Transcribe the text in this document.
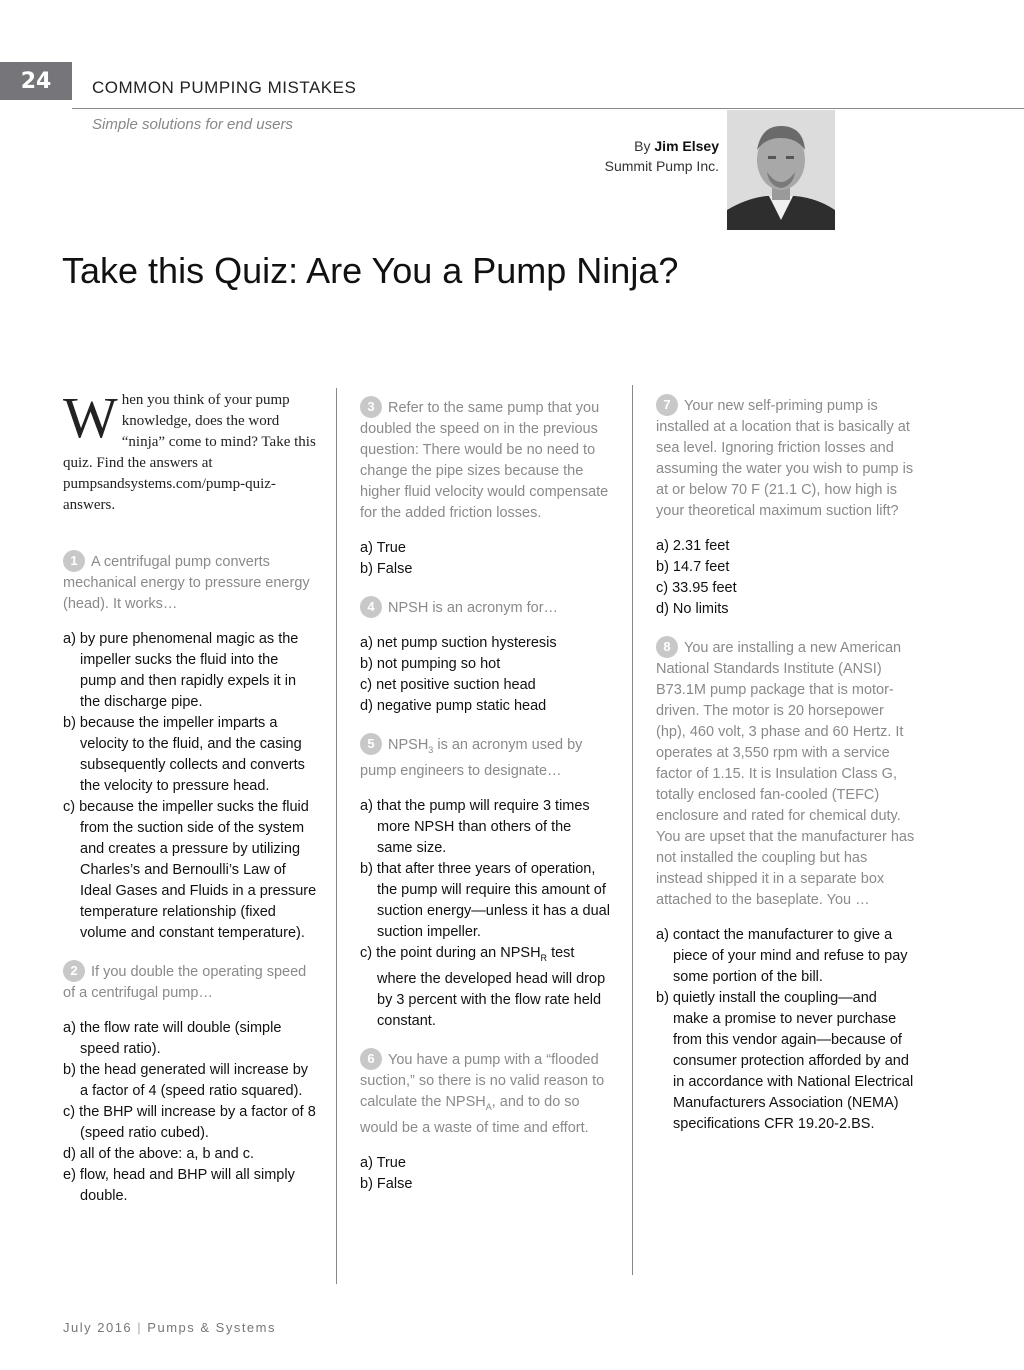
24	COMMON PUMPING MISTAKES
Simple solutions for end users
By Jim Elsey
Summit Pump Inc.
Take this Quiz: Are You a Pump Ninja?

When you think of your pump knowledge, does the word “ninja” come to mind? Take this quiz. Find the answers at pumpsandsystems.com/pump-quiz-answers.

1 A centrifugal pump converts mechanical energy to pressure energy (head). It works…

a) by pure phenomenal magic as the impeller sucks the fluid into the pump and then rapidly expels it in the discharge pipe.
b) because the impeller imparts a velocity to the fluid, and the casing subsequently collects and converts the velocity to pressure head.
c) because the impeller sucks the fluid from the suction side of the system and creates a pressure by utilizing Charles’s and Bernoulli’s Law of Ideal Gases and Fluids in a pressure temperature relationship (fixed volume and constant temperature).

2 If you double the operating speed of a centrifugal pump…

a) the flow rate will double (simple speed ratio).
b) the head generated will increase by a factor of 4 (speed ratio squared).
c) the BHP will increase by a factor of 8 (speed ratio cubed).
d) all of the above: a, b and c.
e) flow, head and BHP will all simply double.

3 Refer to the same pump that you doubled the speed on in the previous question: There would be no need to change the pipe sizes because the higher fluid velocity would compensate for the added friction losses.

a) True
b) False

4 NPSH is an acronym for…

a) net pump suction hysteresis
b) not pumping so hot
c) net positive suction head
d) negative pump static head

5 $NPSH_3$ is an acronym used by pump engineers to designate…

a) that the pump will require 3 times more NPSH than others of the same size.
b) that after three years of operation, the pump will require this amount of suction energy—unless it has a dual suction impeller.
c) the point during an $NPSH_R$ test where the developed head will drop by 3 percent with the flow rate held constant.

6 You have a pump with a “flooded suction,” so there is no valid reason to calculate the $NPSH_A$, and to do so would be a waste of time and effort.

a) True
b) False

7 Your new self-priming pump is installed at a location that is basically at sea level. Ignoring friction losses and assuming the water you wish to pump is at or below 70 F (21.1 C), how high is your theoretical maximum suction lift?

a) 2.31 feet
b) 14.7 feet
c) 33.95 feet
d) No limits

8 You are installing a new American National Standards Institute (ANSI) B73.1M pump package that is motor-driven. The motor is 20 horsepower (hp), 460 volt, 3 phase and 60 Hertz. It operates at 3,550 rpm with a service factor of 1.15. It is Insulation Class G, totally enclosed fan-cooled (TEFC) enclosure and rated for chemical duty. You are upset that the manufacturer has not installed the coupling but has instead shipped it in a separate box attached to the baseplate. You …

a) contact the manufacturer to give a piece of your mind and refuse to pay some portion of the bill.
b) quietly install the coupling—and make a promise to never purchase from this vendor again—because of consumer protection afforded by and in accordance with National Electrical Manufacturers Association (NEMA) specifications CFR 19.20-2.BS.
July 2016 | Pumps & Systems
